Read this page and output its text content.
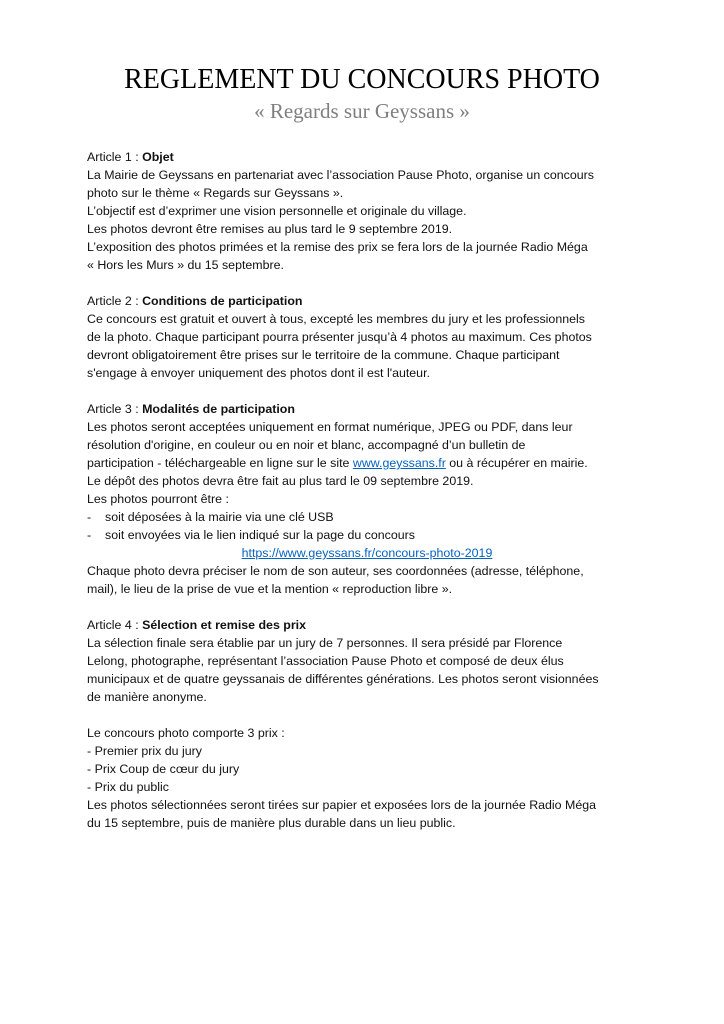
REGLEMENT DU CONCOURS PHOTO
« Regards sur Geyssans »
Article 1 : Objet
La Mairie de Geyssans en partenariat avec l’association Pause Photo, organise un concours
photo sur le thème « Regards sur Geyssans ».
L’objectif est d’exprimer une vision personnelle et originale du village.
Les photos devront être remises au plus tard le 9 septembre 2019.
L’exposition des photos primées et la remise des prix se fera lors de la journée Radio Méga
« Hors les Murs » du 15 septembre.
Article 2 : Conditions de participation
Ce concours est gratuit et ouvert à tous, excepté les membres du jury et les professionnels
de la photo. Chaque participant pourra présenter jusqu’à 4 photos au maximum. Ces photos
devront obligatoirement être prises sur le territoire de la commune. Chaque participant
s'engage à envoyer uniquement des photos dont il est l'auteur.
Article 3 : Modalités de participation
Les photos seront acceptées uniquement en format numérique, JPEG ou PDF, dans leur
résolution d'origine, en couleur ou en noir et blanc, accompagné d’un bulletin de
participation - téléchargeable en ligne sur le site www.geyssans.fr ou à récupérer en mairie.
Le dépôt des photos devra être fait au plus tard le 09 septembre 2019.
Les photos pourront être :
- soit déposées à la mairie via une clé USB
- soit envoyées via le lien indiqué sur la page du concours
https://www.geyssans.fr/concours-photo-2019
Chaque photo devra préciser le nom de son auteur, ses coordonnées (adresse, téléphone,
mail), le lieu de la prise de vue et la mention « reproduction libre ».
Article 4 : Sélection et remise des prix
La sélection finale sera établie par un jury de 7 personnes. Il sera présidé par Florence
Lelong, photographe, représentant l’association Pause Photo et composé de deux élus
municipaux et de quatre geyssanais de différentes générations. Les photos seront visionnées
de manière anonyme.
Le concours photo comporte 3 prix :
- Premier prix du jury
- Prix Coup de cœur du jury
- Prix du public
Les photos sélectionnées seront tirées sur papier et exposées lors de la journée Radio Méga
du 15 septembre, puis de manière plus durable dans un lieu public.
